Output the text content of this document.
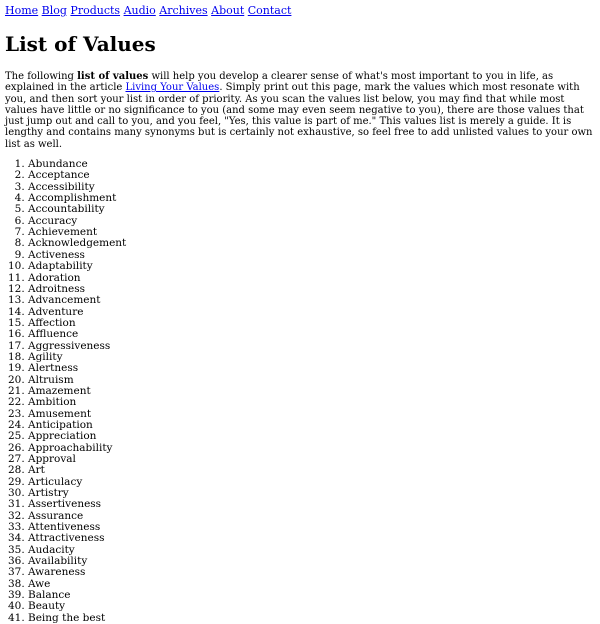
Home Blog Products Audio Archives About Contact
List of Values

The following list of values will help you develop a clearer sense of what's most important to you in life, as explained in the article Living Your Values. Simply print out this page, mark the values which most resonate with you, and then sort your list in order of priority. As you scan the values list below, you may find that while most values have little or no significance to you (and some may even seem negative to you), there are those values that just jump out and call to you, and you feel, "Yes, this value is part of me." This values list is merely a guide. It is lengthy and contains many synonyms but is certainly not exhaustive, so feel free to add unlisted values to your own list as well.

1. Abundance
2. Acceptance
3. Accessibility
4. Accomplishment
5. Accountability
6. Accuracy
7. Achievement
8. Acknowledgement
9. Activeness
10. Adaptability
11. Adoration
12. Adroitness
13. Advancement
14. Adventure
15. Affection
16. Affluence
17. Aggressiveness
18. Agility
19. Alertness
20. Altruism
21. Amazement
22. Ambition
23. Amusement
24. Anticipation
25. Appreciation
26. Approachability
27. Approval
28. Art
29. Articulacy
30. Artistry
31. Assertiveness
32. Assurance
33. Attentiveness
34. Attractiveness
35. Audacity
36. Availability
37. Awareness
38. Awe
39. Balance
40. Beauty
41. Being the best
